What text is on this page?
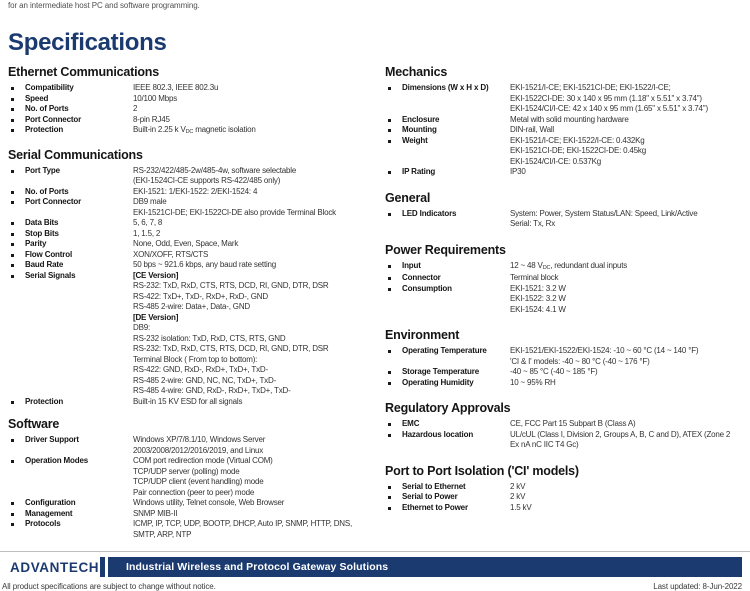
for an intermediate host PC and software programming.
Specifications
Ethernet Communications
Compatibility	IEEE 802.3, IEEE 802.3u
Speed	10/100 Mbps
No. of Ports	2
Port Connector	8-pin RJ45
Protection	Built-in 2.25 k VDC magnetic isolation
Serial Communications
Port Type	RS-232/422/485-2w/485-4w, software selectable
(EKI-1524CI-CE supports RS-422/485 only)
No. of Ports	EKI-1521: 1/EKI-1522: 2/EKI-1524: 4
Port Connector	DB9 male
EKI-1521CI-DE; EKI-1522CI-DE also provide Terminal Block
Data Bits	5, 6, 7, 8
Stop Bits	1, 1.5, 2
Parity	None, Odd, Even, Space, Mark
Flow Control	XON/XOFF, RTS/CTS
Baud Rate	50 bps ~ 921.6 kbps, any baud rate setting
Serial Signals	[CE Version]
RS-232: TxD, RxD, CTS, RTS, DCD, RI, GND, DTR, DSR
RS-422: TxD+, TxD-, RxD+, RxD-, GND
RS-485 2-wire: Data+, Data-, GND
[DE Version]
DB9:
RS-232 isolation: TxD, RxD, CTS, RTS, GND
RS-232: TxD, RxD, CTS, RTS, DCD, RI, GND, DTR, DSR
Terminal Block ( From top to bottom):
RS-422: GND, RxD-, RxD+, TxD+, TxD-
RS-485 2-wire: GND, NC, NC, TxD+, TxD-
RS-485 4-wire: GND, RxD-, RxD+, TxD+, TxD-
Protection	Built-in 15 KV ESD for all signals
Software
Driver Support	Windows XP/7/8.1/10, Windows Server
2003/2008/2012/2016/2019, and Linux
Operation Modes	COM port redirection mode (Virtual COM)
TCP/UDP server (polling) mode
TCP/UDP client (event handling) mode
Pair connection (peer to peer) mode
Configuration	Windows utility, Telnet console, Web Browser
Management	SNMP MIB-II
Protocols	ICMP, IP, TCP, UDP, BOOTP, DHCP, Auto IP, SNMP, HTTP, DNS,
SMTP, ARP, NTP
Mechanics
Dimensions (W x H x D)	EKI-1521/I-CE; EKI-1521CI-DE; EKI-1522/I-CE;
EKI-1522CI-DE: 30 x 140 x 95 mm (1.18" x 5.51" x 3.74")
EKI-1524/CI/I-CE: 42 x 140 x 95 mm (1.65" x 5.51" x 3.74")
Enclosure	Metal with solid mounting hardware
Mounting	DIN-rail, Wall
Weight	EKI-1521/I-CE; EKI-1522/I-CE: 0.432Kg
EKI-1521CI-DE; EKI-1522CI-DE: 0.45kg
EKI-1524/CI/I-CE: 0.537Kg
IP Rating	IP30
General
LED Indicators	System: Power, System Status/LAN: Speed, Link/Active
Serial: Tx, Rx
Power Requirements
Input	12 ~ 48 VDC, redundant dual inputs
Connector	Terminal block
Consumption	EKI-1521: 3.2 W
EKI-1522: 3.2 W
EKI-1524: 4.1 W
Environment
Operating Temperature	EKI-1521/EKI-1522/EKI-1524: -10 ~ 60 °C (14 ~ 140 °F)
'CI & I' models: -40 ~ 80 °C (-40 ~ 176 °F)
Storage Temperature	-40 ~ 85 °C (-40 ~ 185 °F)
Operating Humidity	10 ~ 95% RH
Regulatory Approvals
EMC	CE, FCC Part 15 Subpart B (Class A)
Hazardous location	UL/cUL (Class I, Division 2, Groups A, B, C and D), ATEX (Zone 2
Ex nA nC IIC T4 Gc)
Port to Port Isolation ('CI' models)
Serial to Ethernet	2 kV
Serial to Power	2 kV
Ethernet to Power	1.5 kV
ADVANTECH	Industrial Wireless and Protocol Gateway Solutions
All product specifications are subject to change without notice.	Last updated: 8-Jun-2022
